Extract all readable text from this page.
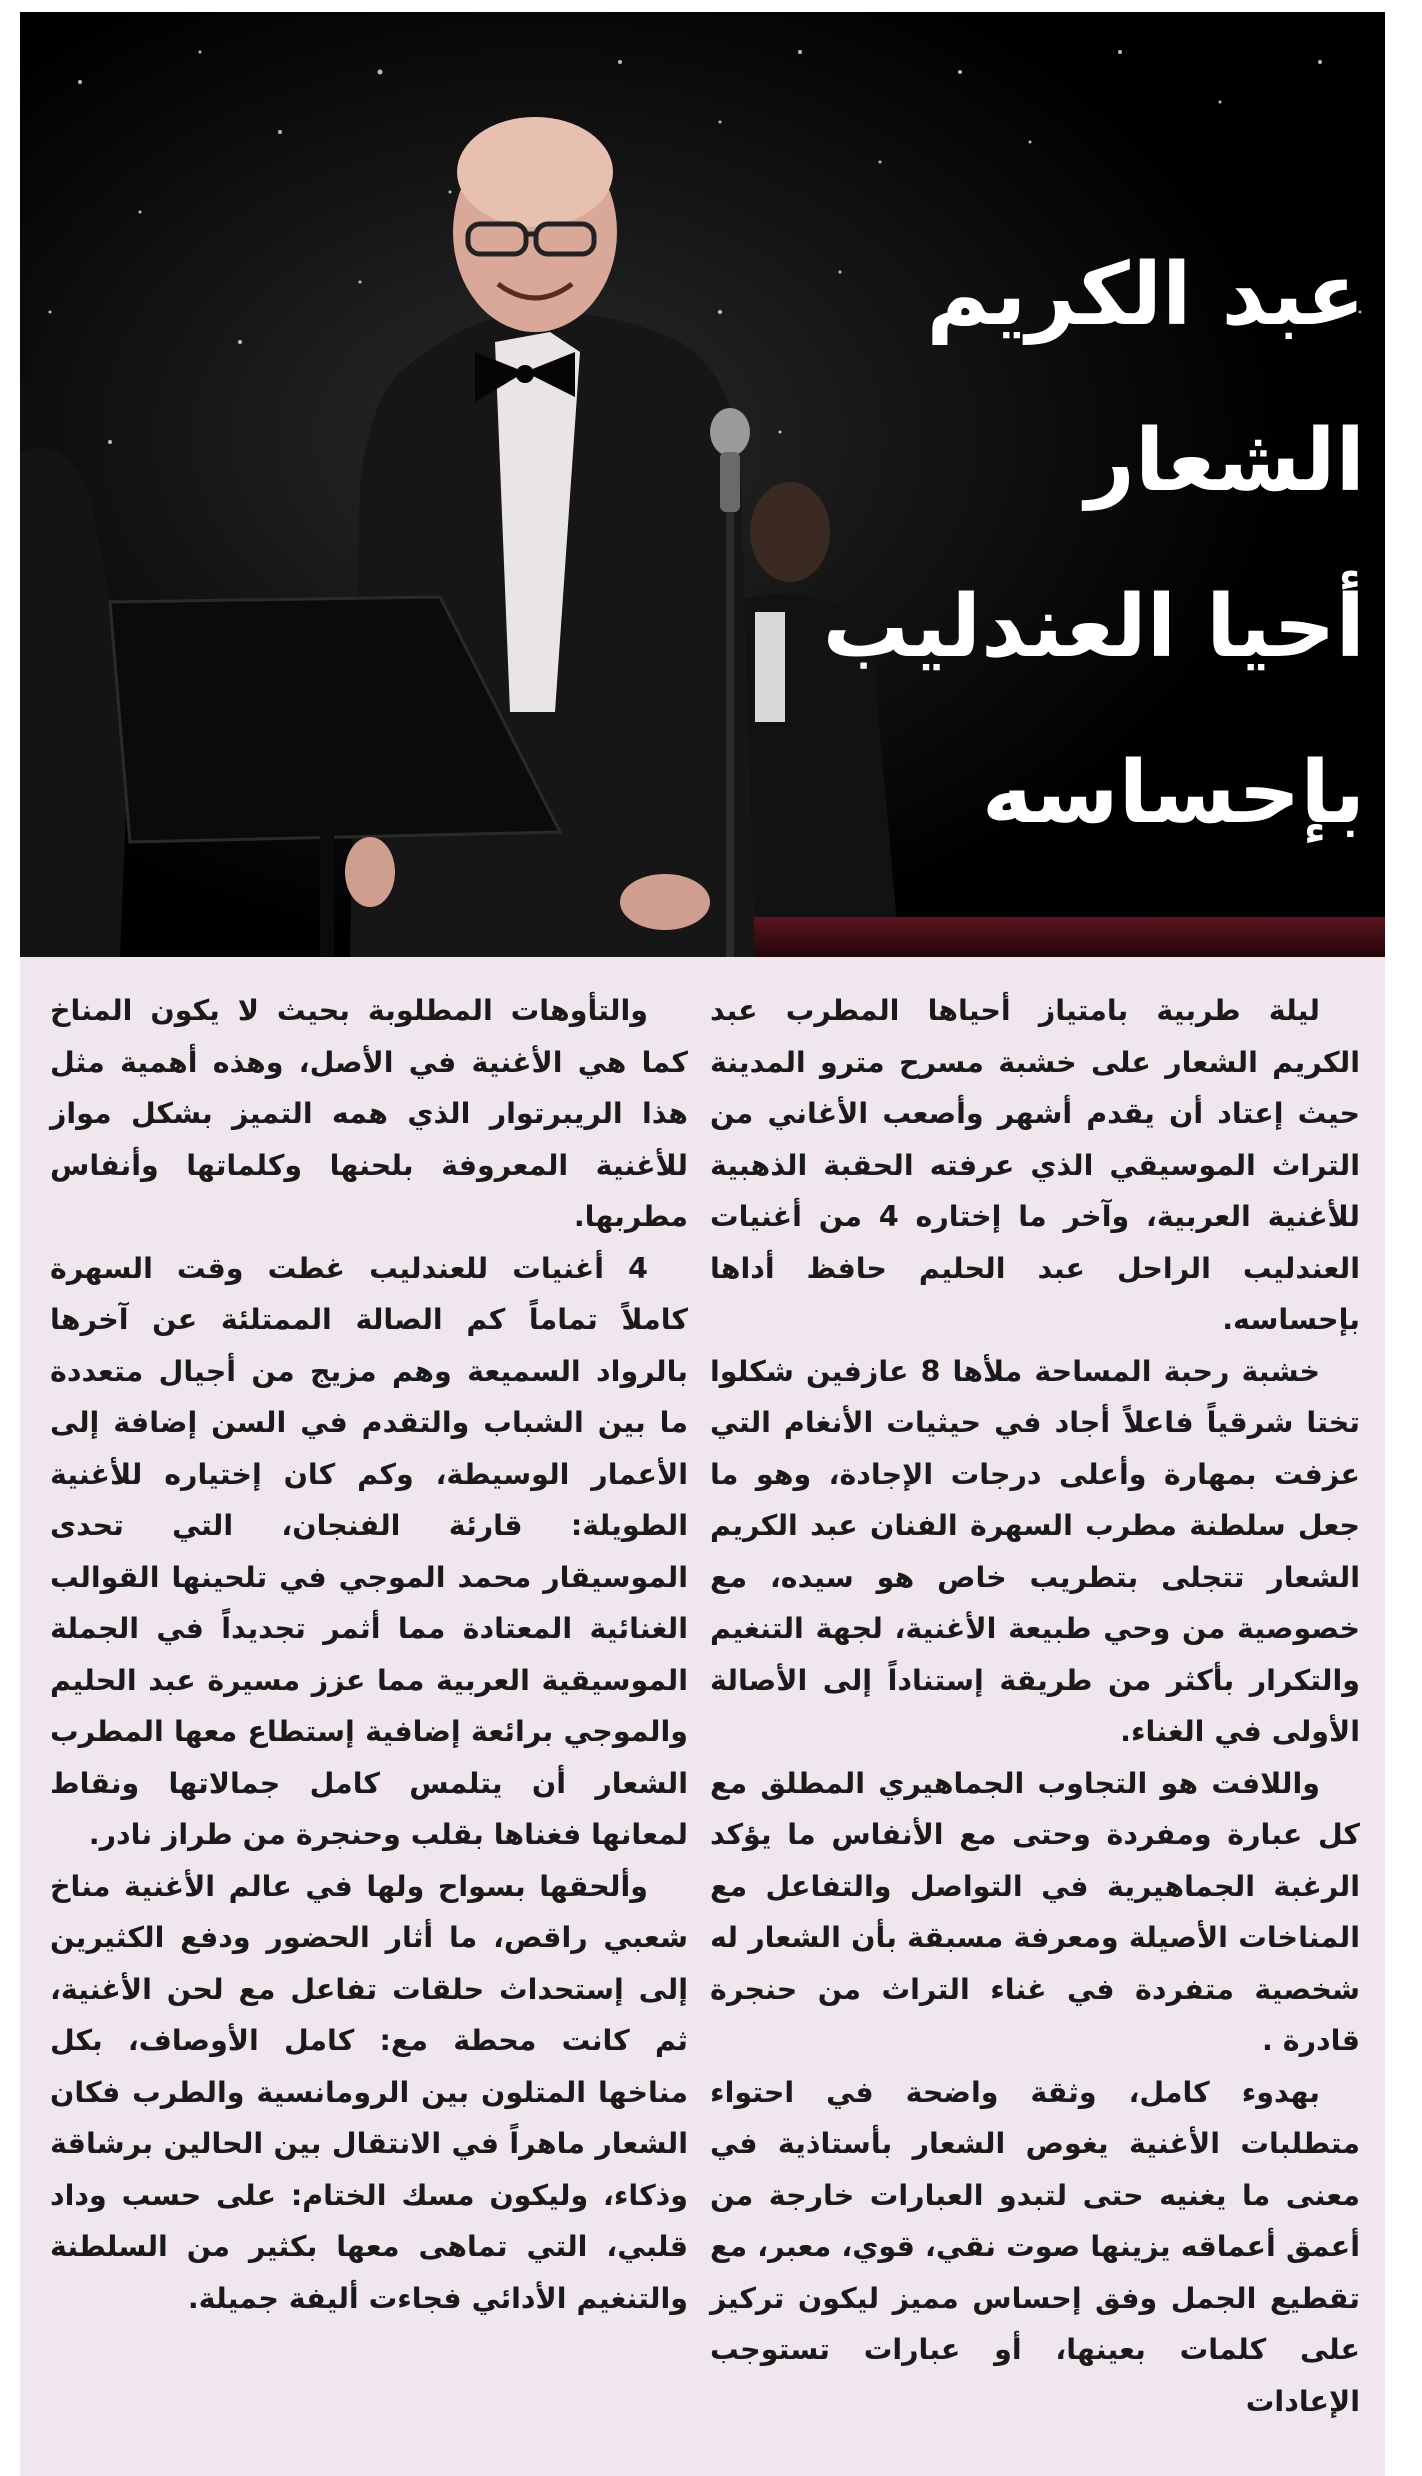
عبد الكريم
الشعار
أحيا العندليب
بإحساسه

ليلة طربية بامتياز أحياها المطرب عبد الكريم الشعار على خشبة مسرح مترو المدينة حيث إعتاد أن يقدم أشهر وأصعب الأغاني من التراث الموسيقي الذي عرفته الحقبة الذهبية للأغنية العربية، وآخر ما إختاره 4 من أغنيات العندليب الراحل عبد الحليم حافظ أداها بإحساسه.

خشبة رحبة المساحة ملأها 8 عازفين شكلوا تختا شرقياً فاعلاً أجاد في حيثيات الأنغام التي عزفت بمهارة وأعلى درجات الإجادة، وهو ما جعل سلطنة مطرب السهرة الفنان عبد الكريم الشعار تتجلى بتطريب خاص هو سيده، مع خصوصية من وحي طبيعة الأغنية، لجهة التنغيم والتكرار بأكثر من طريقة إستناداً إلى الأصالة الأولى في الغناء.

واللافت هو التجاوب الجماهيري المطلق مع كل عبارة ومفردة وحتى مع الأنفاس ما يؤكد الرغبة الجماهيرية في التواصل والتفاعل مع المناخات الأصيلة ومعرفة مسبقة بأن الشعار له شخصية متفردة في غناء التراث من حنجرة قادرة .

بهدوء كامل، وثقة واضحة في احتواء متطلبات الأغنية يغوص الشعار بأستاذية في معنى ما يغنيه حتى لتبدو العبارات خارجة من أعمق أعماقه يزينها صوت نقي، قوي، معبر، مع تقطيع الجمل وفق إحساس مميز ليكون تركيز على كلمات بعينها، أو عبارات تستوجب الإعادات

والتأوهات المطلوبة بحيث لا يكون المناخ كما هي الأغنية في الأصل، وهذه أهمية مثل هذا الريبرتوار الذي همه التميز بشكل مواز للأغنية المعروفة بلحنها وكلماتها وأنفاس مطربها.

4 أغنيات للعندليب غطت وقت السهرة كاملاً تماماً كم الصالة الممتلئة عن آخرها بالرواد السميعة وهم مزيج من أجيال متعددة ما بين الشباب والتقدم في السن إضافة إلى الأعمار الوسيطة، وكم كان إختياره للأغنية الطويلة: قارئة الفنجان، التي تحدى الموسيقار محمد الموجي في تلحينها القوالب الغنائية المعتادة مما أثمر تجديداً في الجملة الموسيقية العربية مما عزز مسيرة عبد الحليم والموجي برائعة إضافية إستطاع معها المطرب الشعار أن يتلمس كامل جمالاتها ونقاط لمعانها فغناها بقلب وحنجرة من طراز نادر.

وألحقها بسواح ولها في عالم الأغنية مناخ شعبي راقص، ما أثار الحضور ودفع الكثيرين إلى إستحداث حلقات تفاعل مع لحن الأغنية، ثم كانت محطة مع: كامل الأوصاف، بكل مناخها المتلون بين الرومانسية والطرب فكان الشعار ماهراً في الانتقال بين الحالين برشاقة وذكاء، وليكون مسك الختام: على حسب وداد قلبي، التي تماهى معها بكثير من السلطنة والتنغيم الأدائي فجاءت أليفة جميلة.
